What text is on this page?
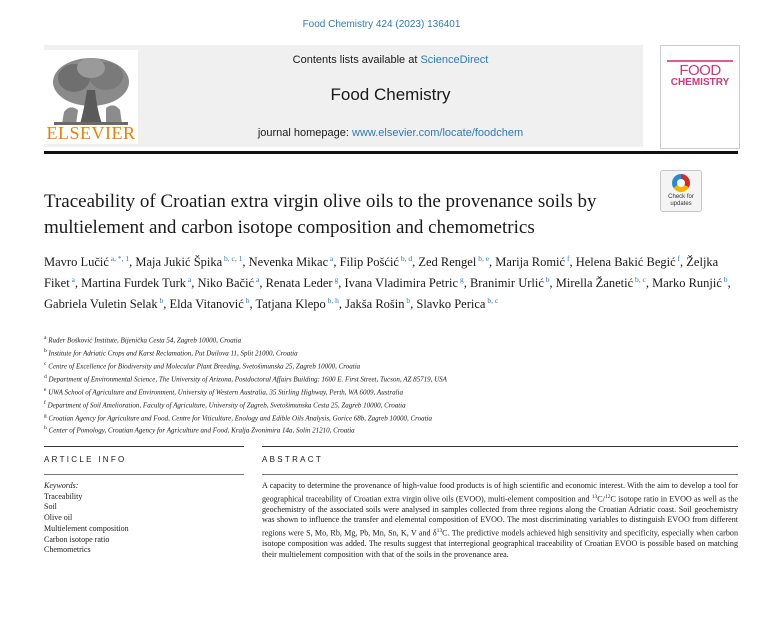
Food Chemistry 424 (2023) 136401
ELSEVIER
Contents lists available at ScienceDirect
Food Chemistry
journal homepage: www.elsevier.com/locate/foodchem
FOOD
CHEMISTRY
Traceability of Croatian extra virgin olive oils to the provenance soils by multielement and carbon isotope composition and chemometrics
Check for
updates
Mavro Lučić $^{a, *, 1}$, Maja Jukić Špika $^{b, c, 1}$, Nevenka Mikac $^a$, Filip Pošćić $^{b, d}$, Zed Rengel $^{b, e}$, Marija Romić $^f$, Helena Bakić Begić $^f$, Željka Fiket $^a$, Martina Furdek Turk $^a$, Niko Bačić $^a$, Renata Leder $^g$, Ivana Vladimira Petric $^g$, Branimir Urlić $^b$, Mirella Žanetić $^{b, c}$, Marko Runjić $^b$, Gabriela Vuletin Selak $^b$, Elda Vitanović $^b$, Tatjana Klepo $^{b, h}$, Jakša Rošin $^b$, Slavko Perica $^{b, c}$
$^a$ Ruđer Bošković Institute, Bijenička Cesta 54, Zagreb 10000, Croatia
$^b$ Institute for Adriatic Crops and Karst Reclamation, Put Duilova 11, Split 21000, Croatia
$^c$ Centre of Excellence for Biodiversity and Molecular Plant Breeding, Svetošimunska 25, Zagreb 10000, Croatia
$^d$ Department of Environmental Science, The University of Arizona, Postdoctoral Affairs Building: 1600 E. First Street, Tucson, AZ 85719, USA
$^e$ UWA School of Agriculture and Environment, University of Western Australia, 35 Stirling Highway, Perth, WA 6009, Australia
$^f$ Department of Soil Amelioration, Faculty of Agriculture, University of Zagreb, Svetošimunska Cesta 25, Zagreb 10000, Croatia
$^g$ Croatian Agency for Agriculture and Food, Centre for Viticulture, Enology and Edible Oils Analysis, Gorice 68b, Zagreb 10000, Croatia
$^h$ Center of Pomology, Croatian Agency for Agriculture and Food, Kralja Zvonimira 14a, Solin 21210, Croatia
ARTICLE INFO	ABSTRACT
Keywords:
Traceability
Soil
Olive oil
Multielement composition
Carbon isotope ratio
Chemometrics
A capacity to determine the provenance of high-value food products is of high scientific and economic interest. With the aim to develop a tool for geographical traceability of Croatian extra virgin olive oils (EVOO), multi-element composition and $^{13}$C/$^{12}$C isotope ratio in EVOO as well as the geochemistry of the associated soils were analysed in samples collected from three regions along the Croatian Adriatic coast. Soil geochemistry was shown to influence the transfer and elemental composition of EVOO. The most discriminating variables to distinguish EVOO from different regions were S, Mo, Rb, Mg, Pb, Mn, Sn, K, V and $\delta^{13}C$. The predictive models achieved high sensitivity and specificity, especially when carbon isotope composition was added. The results suggest that interregional geographical traceability of Croatian EVOO is possible based on matching their multielement composition with that of the soils in the provenance area.
